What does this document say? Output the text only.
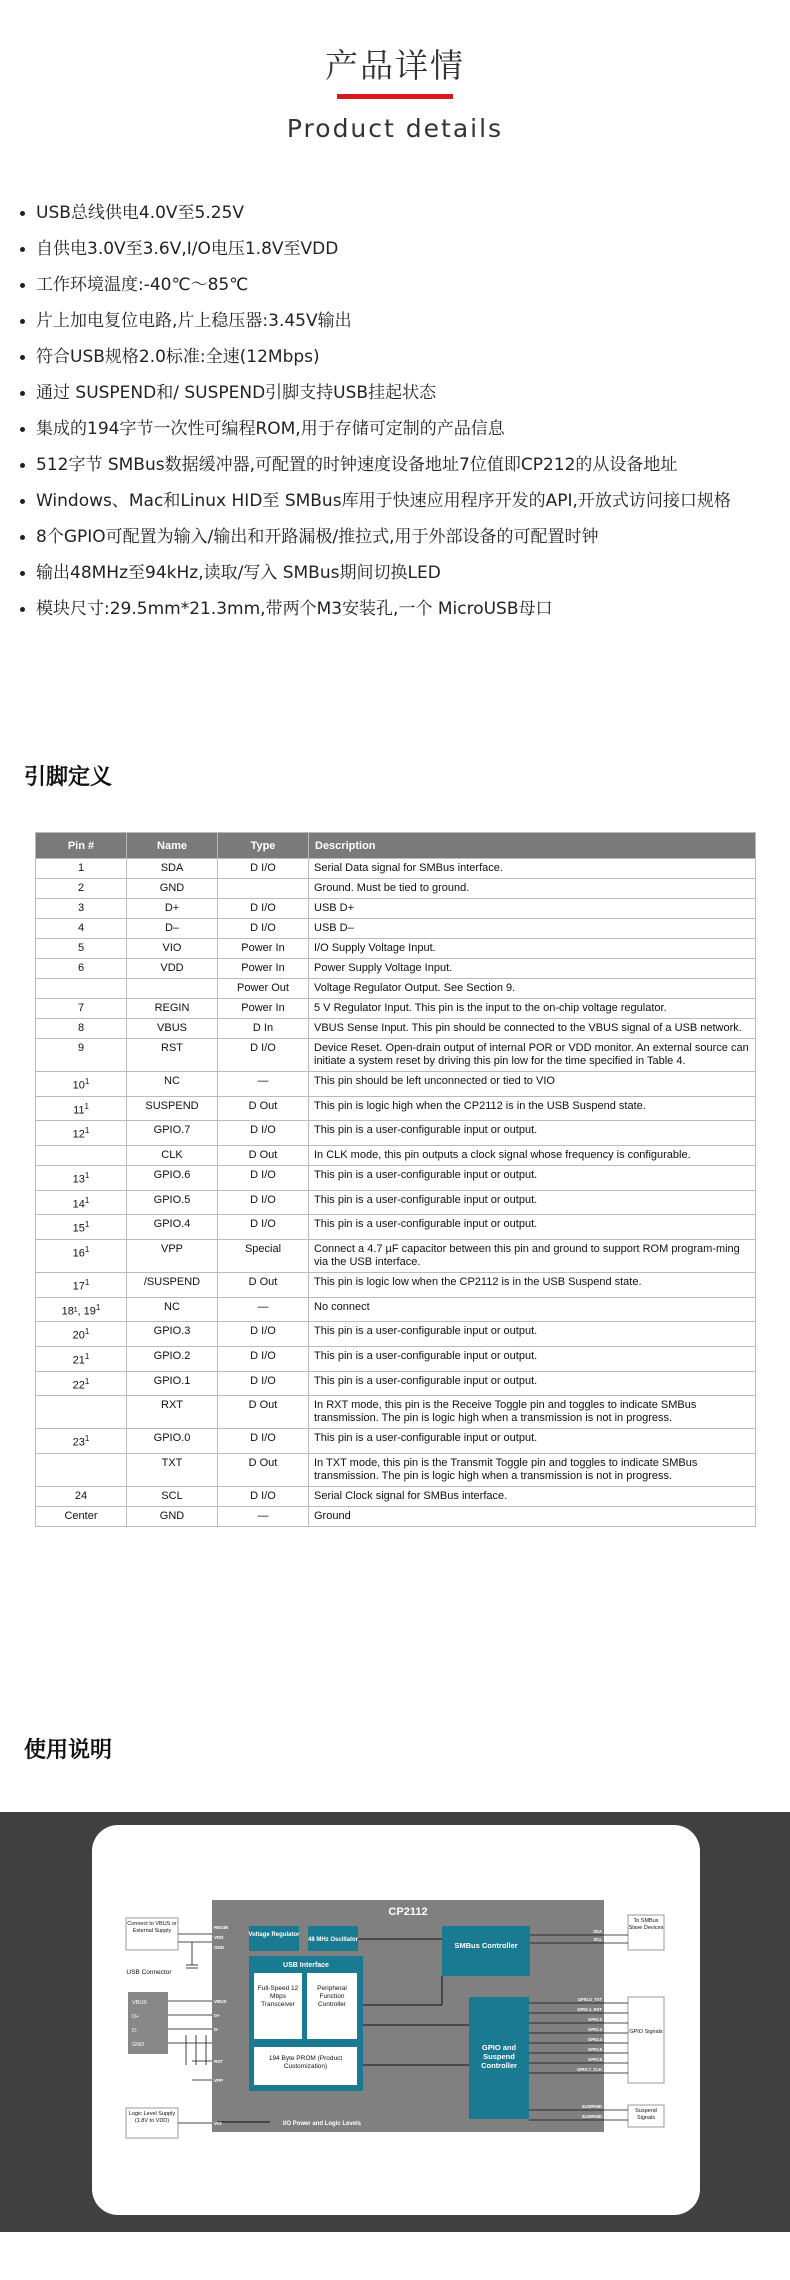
产品详情
Product details
USB总线供电4.0V至5.25V
自供电3.0V至3.6V,I/O电压1.8V至VDD
工作环境温度:-40℃～85℃
片上加电复位电路,片上稳压器:3.45V输出
符合USB规格2.0标准:全速(12Mbps)
通过 SUSPEND和/ SUSPEND引脚支持USB挂起状态
集成的194字节一次性可编程ROM,用于存储可定制的产品信息
512字节 SMBus数据缓冲器,可配置的时钟速度设备地址7位值即CP212的从设备地址
Windows、Mac和Linux HID至 SMBus库用于快速应用程序开发的API,开放式访问接口规格
8个GPIO可配置为输入/输出和开路漏极/推拉式,用于外部设备的可配置时钟
输出48MHz至94kHz,读取/写入 SMBus期间切换LED
模块尺寸:29.5mm*21.3mm,带两个M3安装孔,一个 MicroUSB母口
引脚定义
Pin #	Name	Type	Description
1	SDA	D I/O	Serial Data signal for SMBus interface.
2	GND		Ground. Must be tied to ground.
3	D+	D I/O	USB D+
4	D–	D I/O	USB D–
5	VIO	Power In	I/O Supply Voltage Input.
6	VDD	Power In	Power Supply Voltage Input.
		Power Out	Voltage Regulator Output. See Section 9.
7	REGIN	Power In	5 V Regulator Input. This pin is the input to the on-chip voltage regulator.
8	VBUS	D In	VBUS Sense Input. This pin should be connected to the VBUS signal of a USB network.
9	RST	D I/O	Device Reset. Open-drain output of internal POR or VDD monitor. An external source can initiate a system reset by driving this pin low for the time specified in Table 4.
$10^1$	NC	—	This pin should be left unconnected or tied to VIO
$11^1$	SUSPEND	D Out	This pin is logic high when the CP2112 is in the USB Suspend state.
$12^1$	GPIO.7	D I/O	This pin is a user-configurable input or output.
	CLK	D Out	In CLK mode, this pin outputs a clock signal whose frequency is configurable.
$13^1$	GPIO.6	D I/O	This pin is a user-configurable input or output.
$14^1$	GPIO.5	D I/O	This pin is a user-configurable input or output.
$15^1$	GPIO.4	D I/O	This pin is a user-configurable input or output.
$16^1$	VPP	Special	Connect a 4.7 µF capacitor between this pin and ground to support ROM program-ming via the USB interface.
$17^1$	/SUSPEND	D Out	This pin is logic low when the CP2112 is in the USB Suspend state.
18¹, $19^1$	NC	—	No connect
$20^1$	GPIO.3	D I/O	This pin is a user-configurable input or output.
$21^1$	GPIO.2	D I/O	This pin is a user-configurable input or output.
$22^1$	GPIO.1	D I/O	This pin is a user-configurable input or output.
	RXT	D Out	In RXT mode, this pin is the Receive Toggle pin and toggles to indicate SMBus transmission. The pin is logic high when a transmission is not in progress.
$23^1$	GPIO.0	D I/O	This pin is a user-configurable input or output.
	TXT	D Out	In TXT mode, this pin is the Transmit Toggle pin and toggles to indicate SMBus transmission. The pin is logic high when a transmission is not in progress.
24	SCL	D I/O	Serial Clock signal for SMBus interface.
Center	GND	—	Ground
使用说明
CP2112
Voltage Regulator
48 MHz Oscillator
USB Interface
Full-Speed 12 Mbps Transceiver
Peripheral Function Controller
194 Byte PROM (Product Customization)
SMBus Controller
GPIO and Suspend Controller
I/O Power and Logic Levels
Connect to VBUS or External Supply
USB Connector
VBUS
D+
D-
GND
Logic Level Supply (1.8V to VDD)
REGIN
VDD
GND
VBUS
D+
D-
RST
VPP
VIO
To SMBus Slave Devices
GPIO Signals
Suspend Signals
SDA
SCL
GPIO.0_TXT
GPIO.1_RXT
GPIO.2
GPIO.3
GPIO.4
GPIO.5
GPIO.6
GPIO.7_CLK
SUSPEND
SUSPEND
